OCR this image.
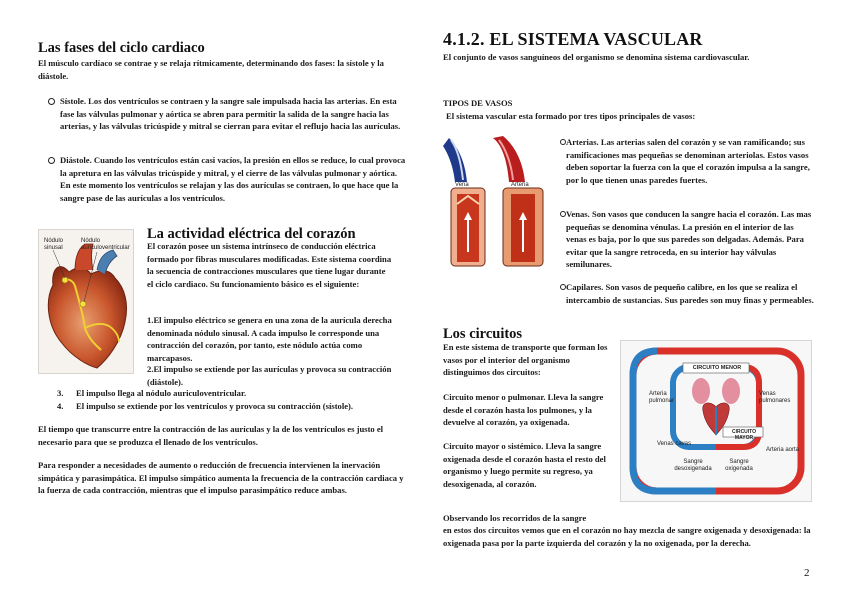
Las fases del ciclo cardiaco

El músculo cardíaco se contrae y se relaja rítmicamente, determinando dos fases: la sístole y la diástole.

Sístole. Los dos ventrículos se contraen y la sangre sale impulsada hacia las arterias. En esta fase las válvulas pulmonar y aórtica se abren para permitir la salida de la sangre hacia las arterias, y las válvulas tricúspide y mitral se cierran para evitar el reflujo hacia las aurículas.

Diástole. Cuando los ventrículos están casi vacíos, la presión en ellos se reduce, lo cual provoca la apretura en las válvulas tricúspide y mitral, y el cierre de las válvulas pulmonar y aórtica. En este momento los ventrículos se relajan y las dos aurículas se contraen, lo que hace que la sangre pase de las aurículas a los ventrículos.

Nódulo sinusal
Nódulo auriculoventricular
La actividad eléctrica del corazón

El corazón posee un sistema intrínseco de conducción eléctrica formado por fibras musculares modificadas. Este sistema coordina la secuencia de contracciones musculares que tiene lugar durante el ciclo cardiaco. Su funcionamiento básico es el siguiente:

1.El impulso eléctrico se genera en una zona de la aurícula derecha denominada nódulo sinusal. A cada impulso le corresponde una contracción del corazón, por tanto, este nódulo actúa como marcapasos.

2.El impulso se extiende por las aurículas y provoca su contracción (diástole).

3. El impulso llega al nódulo auriculoventricular.

4. El impulso se extiende por los ventrículos y provoca su contracción (sístole).

El tiempo que transcurre entre la contracción de las aurículas y la de los ventrículos es justo el necesario para que se produzca el llenado de los ventrículos.

Para responder a necesidades de aumento o reducción de frecuencia intervienen la inervación simpática y parasimpática. El impulso simpático aumenta la frecuencia de la contracción cardiaca y la fuerza de cada contracción, mientras que el impulso parasimpático reduce ambas.

4.1.2. EL SISTEMA VASCULAR

El conjunto de vasos sanguíneos del organismo se denomina sistema cardiovascular.

TIPOS DE VASOS

El sistema vascular esta formado por tres tipos principales de vasos:

Vena	Arteria

Arterias. Las arterias salen del corazón y se van ramificando; sus ramificaciones mas pequeñas se denominan arteriolas. Estos vasos deben soportar la fuerza con la que el corazón impulsa a la sangre, por lo que tienen unas paredes fuertes.

Venas. Son vasos que conducen la sangre hacia el corazón. Las mas pequeñas se denomina vénulas. La presión en el interior de las venas es baja, por lo que sus paredes son delgadas. Además. Para evitar que la sangre retroceda, en su interior hay válvulas semilunares.

Capilares. Son vasos de pequeño calibre, en los que se realiza el intercambio de sustancias. Sus paredes son muy finas y permeables.

Los circuitos

En este sistema de transporte que forman los vasos por el interior del organismo distinguimos dos circuitos:

Circuito menor o pulmonar. Lleva la sangre desde el corazón hasta los pulmones, y la devuelve al corazón, ya oxigenada.

Circuito mayor o sistémico. Lleva la sangre oxigenada desde el corazón hasta el resto del organismo y luego permite su regreso, ya desoxigenada, al corazón.

CIRCUITO MENOR
CIRCUITO MAYOR
Arteria pulmonar
Venas pulmonares
Venas cavas
Arteria aorta
Sangre desoxigenada
Sangre oxigenada

Observando los recorridos de la sangre

en estos dos circuitos vemos que en el corazón no hay mezcla de sangre oxigenada y desoxigenada: la oxigenada pasa por la parte izquierda del corazón y la no oxigenada, por la derecha.

2
